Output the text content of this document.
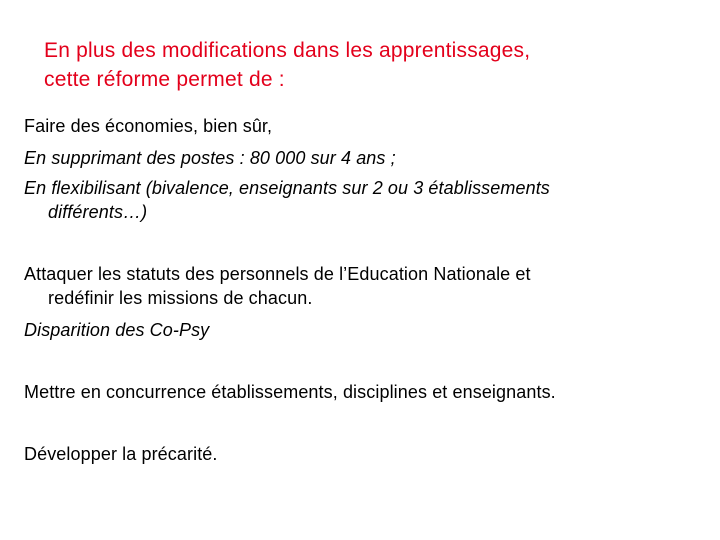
En plus des modifications dans les apprentissages,
cette réforme permet de :
Faire des économies, bien sûr,
En supprimant des postes : 80 000 sur 4 ans ;
En flexibilisant (bivalence, enseignants sur 2 ou 3 établissements
différents…)
Attaquer les statuts des personnels de l’Education Nationale et
redéfinir les missions de chacun.
Disparition des Co-Psy
Mettre en concurrence établissements, disciplines et enseignants.
Développer la précarité.
